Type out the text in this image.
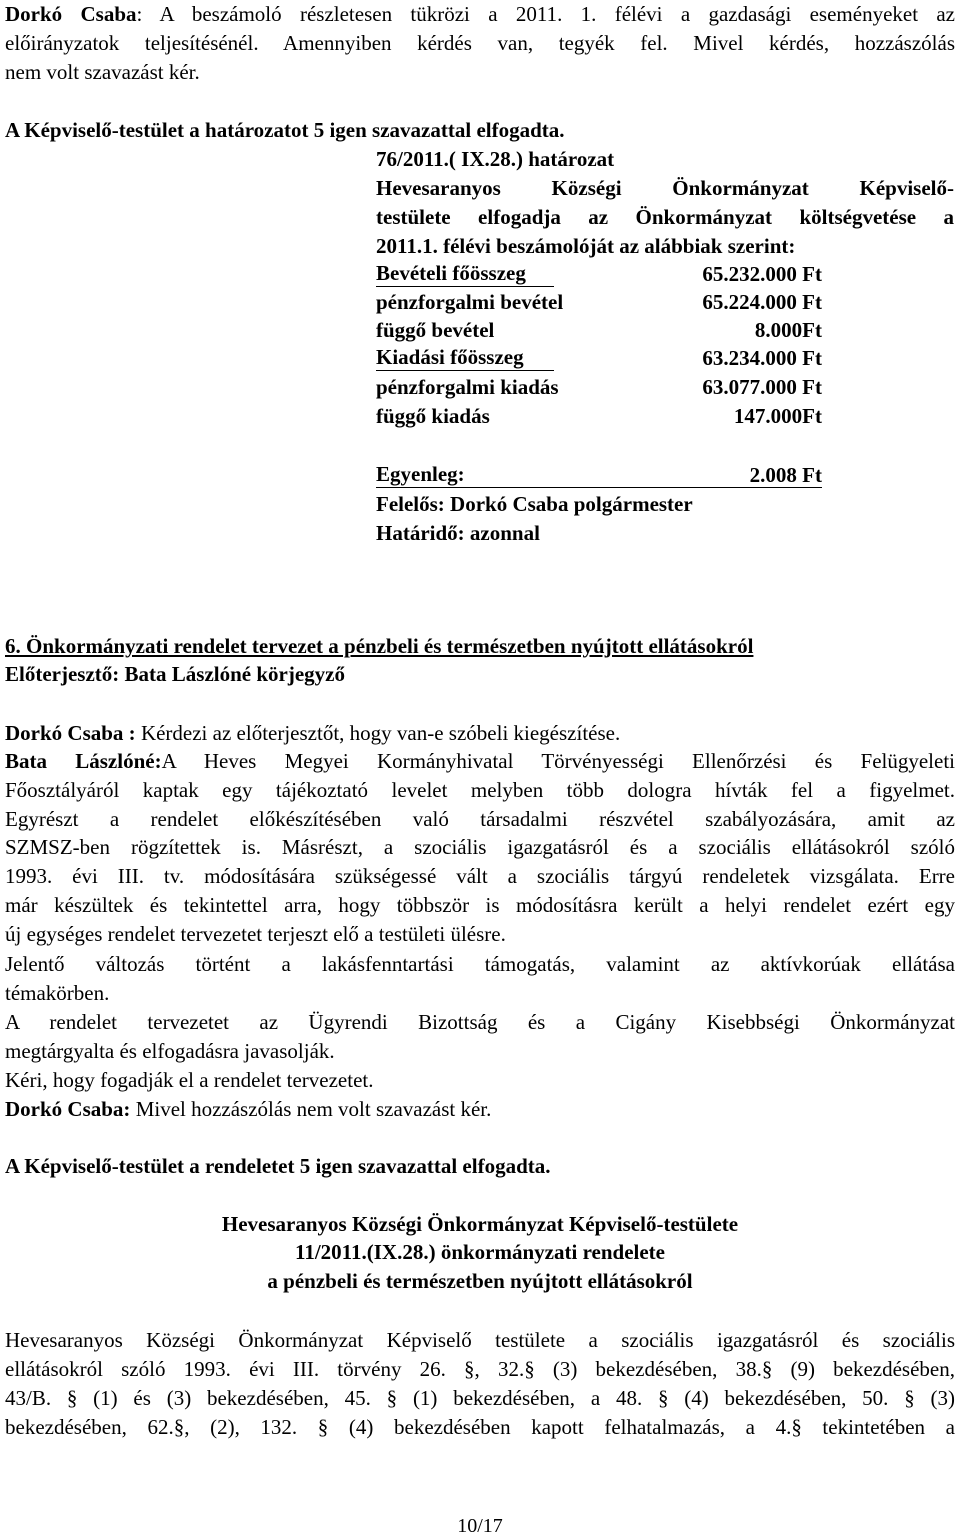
Dorkó Csaba: A beszámoló részletesen tükrözi a 2011. 1. félévi a gazdasági eseményeket az
előirányzatok teljesítésénél. Amennyiben kérdés van, tegyék fel. Mivel kérdés, hozzászólás
nem volt szavazást kér.
A Képviselő-testület a határozatot 5 igen szavazattal elfogadta.
76/2011.( IX.28.) határozat
Hevesaranyos Községi Önkormányzat Képviselő-
testülete elfogadja az Önkormányzat költségvetése a
2011.1. félévi beszámolóját az alábbiak szerint:
Bevételi főösszeg	65.232.000 Ft
pénzforgalmi bevétel	65.224.000 Ft
függő bevétel	8.000Ft
Kiadási főösszeg	63.234.000 Ft
pénzforgalmi kiadás	63.077.000 Ft
függő kiadás	147.000Ft
Egyenleg:	2.008 Ft
Felelős: Dorkó Csaba polgármester
Határidő: azonnal
6. Önkormányzati rendelet tervezet a pénzbeli és természetben nyújtott ellátásokról
Előterjesztő: Bata Lászlóné körjegyző
Dorkó Csaba : Kérdezi az előterjesztőt, hogy van-e szóbeli kiegészítése.
Bata Lászlóné:A Heves Megyei Kormányhivatal Törvényességi Ellenőrzési és Felügyeleti
Főosztályáról kaptak egy tájékoztató levelet melyben több dologra hívták fel a figyelmet.
Egyrészt a rendelet előkészítésében való társadalmi részvétel szabályozására, amit az
SZMSZ-ben rögzítettek is. Másrészt, a szociális igazgatásról és a szociális ellátásokról szóló
1993. évi III. tv. módosítására szükségessé vált a szociális tárgyú rendeletek vizsgálata. Erre
már készültek és tekintettel arra, hogy többször is módosításra került a helyi rendelet ezért egy
új egységes rendelet tervezetet terjeszt elő a testületi ülésre.
Jelentő változás történt a lakásfenntartási támogatás, valamint az aktívkorúak ellátása
témakörben.
A rendelet tervezetet az Ügyrendi Bizottság és a Cigány Kisebbségi Önkormányzat
megtárgyalta és elfogadásra javasolják.
Kéri, hogy fogadják el a rendelet tervezetet.
Dorkó Csaba: Mivel hozzászólás nem volt szavazást kér.
A Képviselő-testület a rendeletet 5 igen szavazattal elfogadta.
Hevesaranyos Községi Önkormányzat Képviselő-testülete
11/2011.(IX.28.) önkormányzati rendelete
a pénzbeli és természetben nyújtott ellátásokról
Hevesaranyos Községi Önkormányzat Képviselő testülete a szociális igazgatásról és szociális
ellátásokról szóló 1993. évi III. törvény 26. §, 32.§ (3) bekezdésében, 38.§ (9) bekezdésében,
43/B. § (1) és (3) bekezdésében, 45. § (1) bekezdésében, a 48. § (4) bekezdésében, 50. § (3)
bekezdésében, 62.§, (2), 132. § (4) bekezdésében kapott felhatalmazás, a 4.§ tekintetében a
10/17
